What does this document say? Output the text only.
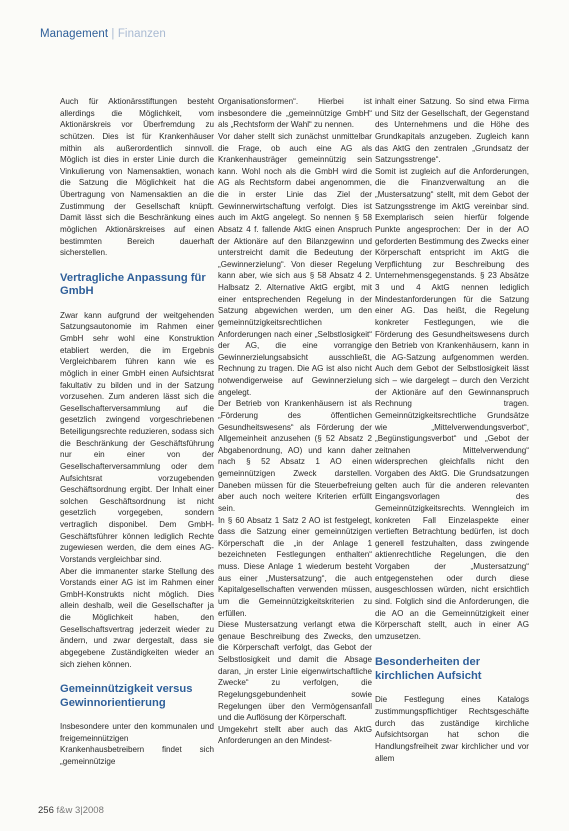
Management | Finanzen

Auch für Aktionärsstiftungen besteht allerdings die Möglichkeit, vom Aktionärskreis vor Überfremdung zu schützen. Dies ist für Krankenhäuser mithin als außerordentlich sinnvoll. Möglich ist dies in erster Linie durch die Vinkulierung von Namensaktien, wonach die Satzung die Möglichkeit hat die Übertragung von Namensaktien an die Zustimmung der Gesellschaft knüpft. Damit lässt sich die Beschränkung eines möglichen Aktionärskreises auf einen bestimmten Bereich dauerhaft sicherstellen.

Vertragliche Anpassung für GmbH

Zwar kann aufgrund der weitgehenden Satzungsautonomie im Rahmen einer GmbH sehr wohl eine Konstruktion etabliert werden, die im Ergebnis Vergleichbarem führen kann wie es möglich in einer GmbH einen Aufsichtsrat fakultativ zu bilden und in der Satzung vorzusehen. Zum anderen lässt sich die Gesellschafterversammlung auf die gesetzlich zwingend vorgeschriebenen Beteiligungsrechte reduzieren, sodass sich die Beschränkung der Geschäftsführung nur ein einer von der Gesellschafterversammlung oder dem Aufsichtsrat vorzugebenden Geschäftsordnung ergibt. Der Inhalt einer solchen Geschäftsordnung ist nicht gesetzlich vorgegeben, sondern vertraglich disponibel. Dem GmbH-Geschäftsführer können lediglich Rechte zugewiesen werden, die dem eines AG-Vorstands vergleichbar sind.

Aber die immanenter starke Stellung des Vorstands einer AG ist im Rahmen einer GmbH-Konstrukts nicht möglich. Dies allein deshalb, weil die Gesellschafter ja die Möglichkeit haben, den Gesellschaftsvertrag jederzeit wieder zu ändern, und zwar dergestalt, dass sie abgegebene Zuständigkeiten wieder an sich ziehen können.

Gemeinnützigkeit versus Gewinnorientierung

Insbesondere unter den kommunalen und freigemeinnützigen Krankenhausbetreibern findet sich „gemeinnützige

Organisationsformen“. Hierbei ist insbesondere die „gemeinnützige GmbH“ als „Rechtsform der Wahl“ zu nennen.

Vor daher stellt sich zunächst unmittelbar die Frage, ob auch eine AG als Krankenhausträger gemeinnützig sein kann. Wohl noch als die GmbH wird die AG als Rechtsform dabei angenommen, die in erster Linie das Ziel der Gewinnerwirtschaftung verfolgt. Dies ist auch im AktG angelegt. So nennen § 58 Absatz 4 f. fallende AktG einen Anspruch der Aktionäre auf den Bilanzgewinn und unterstreicht damit die Bedeutung der „Gewinnerzielung“. Von dieser Regelung kann aber, wie sich aus § 58 Absatz 4 2. Halbsatz 2. Alternative AktG ergibt, mit einer entsprechenden Regelung in der Satzung abgewichen werden, um den gemeinnützigkeitsrechtlichen Anforderungen nach einer „Selbstlosigkeit“ der AG, die eine vorrangige Gewinnerzielungsabsicht ausschließt, Rechnung zu tragen. Die AG ist also nicht notwendigerweise auf Gewinnerzielung angelegt.

Der Betrieb von Krankenhäusern ist als „Förderung des öffentlichen Gesundheitswesens“ als Förderung der Allgemeinheit anzusehen (§ 52 Absatz 2 Abgabenordnung, AO) und kann daher nach § 52 Absatz 1 AO einen gemeinnützigen Zweck darstellen. Daneben müssen für die Steuerbefreiung aber auch noch weitere Kriterien erfüllt sein.

In § 60 Absatz 1 Satz 2 AO ist festgelegt, dass die Satzung einer gemeinnützigen Körperschaft die „in der Anlage 1 bezeichneten Festlegungen enthalten“ muss. Diese Anlage 1 wiederum besteht aus einer „Mustersatzung“, die auch Kapitalgesellschaften verwenden müssen, um die Gemeinnützigkeitskriterien zu erfüllen.

Diese Mustersatzung verlangt etwa die genaue Beschreibung des Zwecks, den die Körperschaft verfolgt, das Gebot der Selbstlosigkeit und damit die Absage daran, „in erster Linie eigenwirtschaftliche Zwecke“ zu verfolgen, die Regelungsgebundenheit sowie Regelungen über den Vermögensanfall und die Auflösung der Körperschaft.

Umgekehrt stellt aber auch das AktG Anforderungen an den Mindest-

inhalt einer Satzung. So sind etwa Firma und Sitz der Gesellschaft, der Gegenstand des Unternehmens und die Höhe des Grundkapitals anzugeben. Zugleich kann das AktG den zentralen „Grundsatz der Satzungsstrenge“.

Somit ist zugleich auf die Anforderungen, die die Finanzverwaltung an die „Mustersatzung“ stellt, mit dem Gebot der Satzungsstrenge im AktG vereinbar sind. Exemplarisch seien hierfür folgende Punkte angesprochen: Der in der AO geforderten Bestimmung des Zwecks einer Körperschaft entspricht im AktG die Verpflichtung zur Beschreibung des Unternehmensgegenstands. § 23 Absätze 3 und 4 AktG nennen lediglich Mindestanforderungen für die Satzung einer AG. Das heißt, die Regelung konkreter Festlegungen, wie die Förderung des Gesundheitswesens durch den Betrieb von Krankenhäusern, kann in die AG-Satzung aufgenommen werden. Auch dem Gebot der Selbstlosigkeit lässt sich – wie dargelegt – durch den Verzicht der Aktionäre auf den Gewinnanspruch Rechnung tragen. Gemeinnützigkeitsrechtliche Grundsätze wie „Mittelverwendungsverbot“, „Begünstigungsverbot“ und „Gebot der zeitnahen Mittelverwendung“ widersprechen gleichfalls nicht den Vorgaben des AktG. Die Grundsatzungen gelten auch für die anderen relevanten Eingangsvorlagen des Gemeinnützigkeitsrechts. Wenngleich im konkreten Fall Einzelaspekte einer vertieften Betrachtung bedürfen, ist doch generell festzuhalten, dass zwingende aktienrechtliche Regelungen, die den Vorgaben der „Mustersatzung“ entgegenstehen oder durch diese ausgeschlossen würden, nicht ersichtlich sind. Folglich sind die Anforderungen, die die AO an die Gemeinnützigkeit einer Körperschaft stellt, auch in einer AG umzusetzen.

Besonderheiten der kirchlichen Aufsicht

Die Festlegung eines Katalogs zustimmungspflichtiger Rechtsgeschäfte durch das zuständige kirchliche Aufsichtsorgan hat schon die Handlungsfreiheit zwar kirchlicher und vor allem

256 f&w 3|2008
